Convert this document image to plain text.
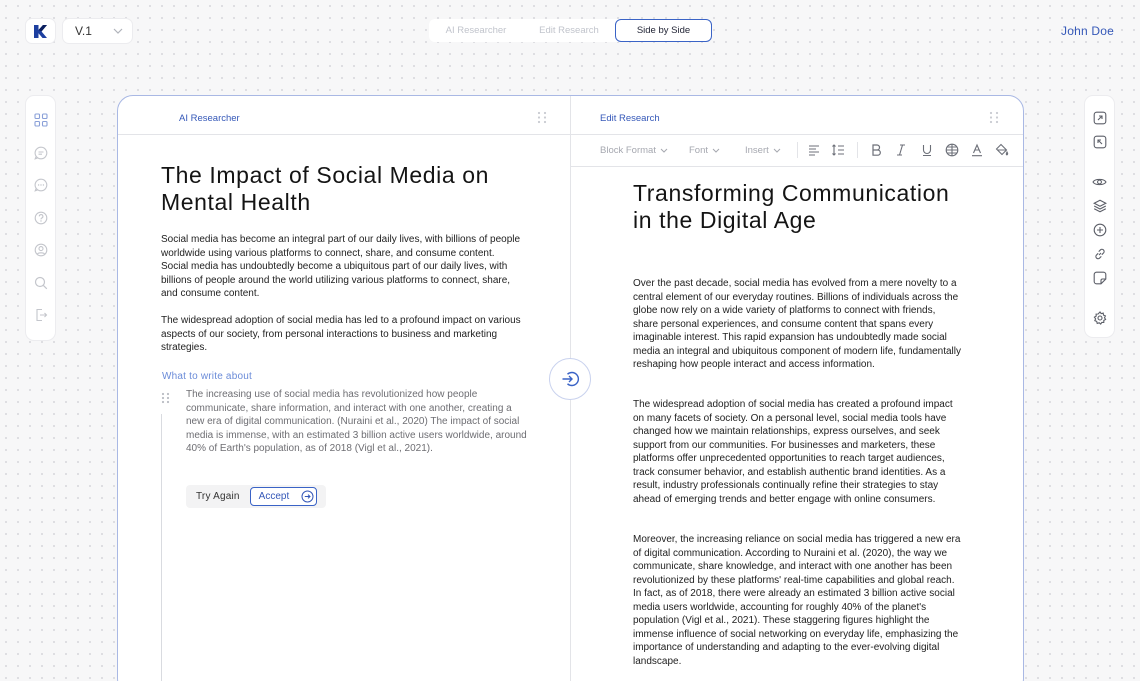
V.1	AI Researcher	Edit Research	Side by Side	John Doe
AI Researcher
The Impact of Social Media on Mental Health

Social media has become an integral part of our daily lives, with billions of people worldwide using various platforms to connect, share, and consume content. Social media has undoubtedly become a ubiquitous part of our daily lives, with billions of people around the world utilizing various platforms to connect, share, and consume content.

The widespread adoption of social media has led to a profound impact on various aspects of our society, from personal interactions to business and marketing strategies.

What to write about

The increasing use of social media has revolutionized how people communicate, share information, and interact with one another, creating a new era of digital communication. (Nuraini et al., 2020) The impact of social media is immense, with an estimated 3 billion active users worldwide, around 40% of Earth's population, as of 2018 (Vigl et al., 2021).

Try Again Accept
Edit Research
Block Format	Font	Insert
Transforming Communication in the Digital Age

Over the past decade, social media has evolved from a mere novelty to a central element of our everyday routines. Billions of individuals across the globe now rely on a wide variety of platforms to connect with friends, share personal experiences, and consume content that spans every imaginable interest. This rapid expansion has undoubtedly made social media an integral and ubiquitous component of modern life, fundamentally reshaping how people interact and access information.

The widespread adoption of social media has created a profound impact on many facets of society. On a personal level, social media tools have changed how we maintain relationships, express ourselves, and seek support from our communities. For businesses and marketers, these platforms offer unprecedented opportunities to reach target audiences, track consumer behavior, and establish authentic brand identities. As a result, industry professionals continually refine their strategies to stay ahead of emerging trends and better engage with online consumers.

Moreover, the increasing reliance on social media has triggered a new era of digital communication. According to Nuraini et al. (2020), the way we communicate, share knowledge, and interact with one another has been revolutionized by these platforms' real-time capabilities and global reach. In fact, as of 2018, there were already an estimated 3 billion active social media users worldwide, accounting for roughly 40% of the planet's population (Vigl et al., 2021). These staggering figures highlight the immense influence of social networking on everyday life, emphasizing the importance of understanding and adapting to the ever-evolving digital landscape.
